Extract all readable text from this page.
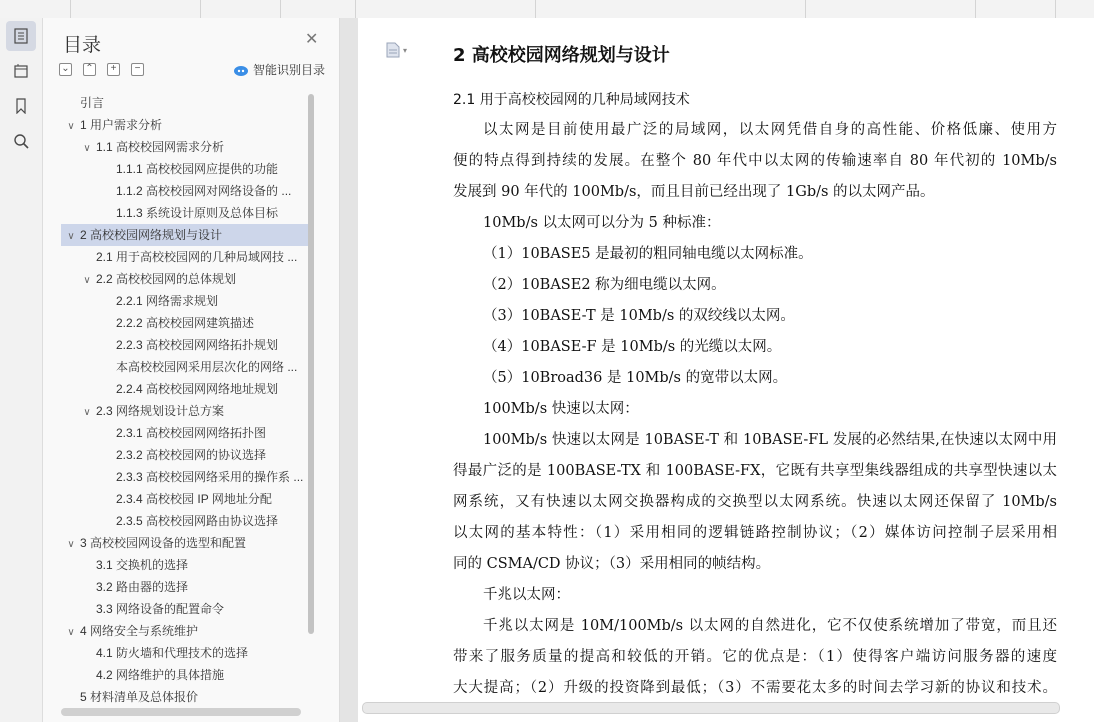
目录	✕
⌄ ⌃	+	−	智能识别目录
引言
∨ 1 用户需求分析
∨ 1.1 高校校园网需求分析
1.1.1 高校校园网应提供的功能
1.1.2 高校校园网对网络设备的 ...
1.1.3 系统设计原则及总体目标
∨ 2 高校校园网络规划与设计
2.1 用于高校校园网的几种局域网技 ...
∨ 2.2 高校校园网的总体规划
2.2.1 网络需求规划
2.2.2 高校校园网建筑描述
2.2.3 高校校园网网络拓扑规划
本高校校园网采用层次化的网络 ...
2.2.4 高校校园网网络地址规划
∨ 2.3 网络规划设计总方案
2.3.1 高校校园网网络拓扑图
2.3.2 高校校园网的协议选择
2.3.3 高校校园网络采用的操作系 ...
2.3.4 高校校园 IP 网地址分配
2.3.5 高校校园网路由协议选择
∨ 3 高校校园网设备的选型和配置
3.1 交换机的选择
3.2 路由器的选择
3.3 网络设备的配置命令
∨ 4 网络安全与系统维护
4.1 防火墙和代理技术的选择
4.2 网络维护的具体措施
5 材料清单及总体报价
▾	2 高校校园网络规划与设计
2.1 用于高校校园网的几种局域网技术
以太网是目前使用最广泛的局域网，以太网凭借自身的高性能、价格低廉、使用方
便的特点得到持续的发展。在整个 80 年代中以太网的传输速率自 80 年代初的 10Mb/s
发展到 90 年代的 100Mb/s，而且目前已经出现了 1Gb/s 的以太网产品。
10Mb/s 以太网可以分为 5 种标准：
（1）10BASE5 是最初的粗同轴电缆以太网标准。
（2）10BASE2 称为细电缆以太网。
（3）10BASE-T 是 10Mb/s 的双绞线以太网。
（4）10BASE-F 是 10Mb/s 的光缆以太网。
（5）10Broad36 是 10Mb/s 的宽带以太网。
100Mb/s 快速以太网：
100Mb/s 快速以太网是 10BASE-T 和 10BASE-FL 发展的必然结果,在快速以太网中用
得最广泛的是 100BASE-TX 和 100BASE-FX，它既有共享型集线器组成的共享型快速以太
网系统，又有快速以太网交换器构成的交换型以太网系统。快速以太网还保留了 10Mb/s
以太网的基本特性：（1）采用相同的逻辑链路控制协议；（2）媒体访问控制子层采用相
同的 CSMA/CD 协议；（3）采用相同的帧结构。
千兆以太网：
千兆以太网是 10M/100Mb/s 以太网的自然进化，它不仅使系统增加了带宽，而且还
带来了服务质量的提高和较低的开销。它的优点是：（1）使得客户端访问服务器的速度
大大提高；（2）升级的投资降到最低；（3）不需要花太多的时间去学习新的协议和技术。
